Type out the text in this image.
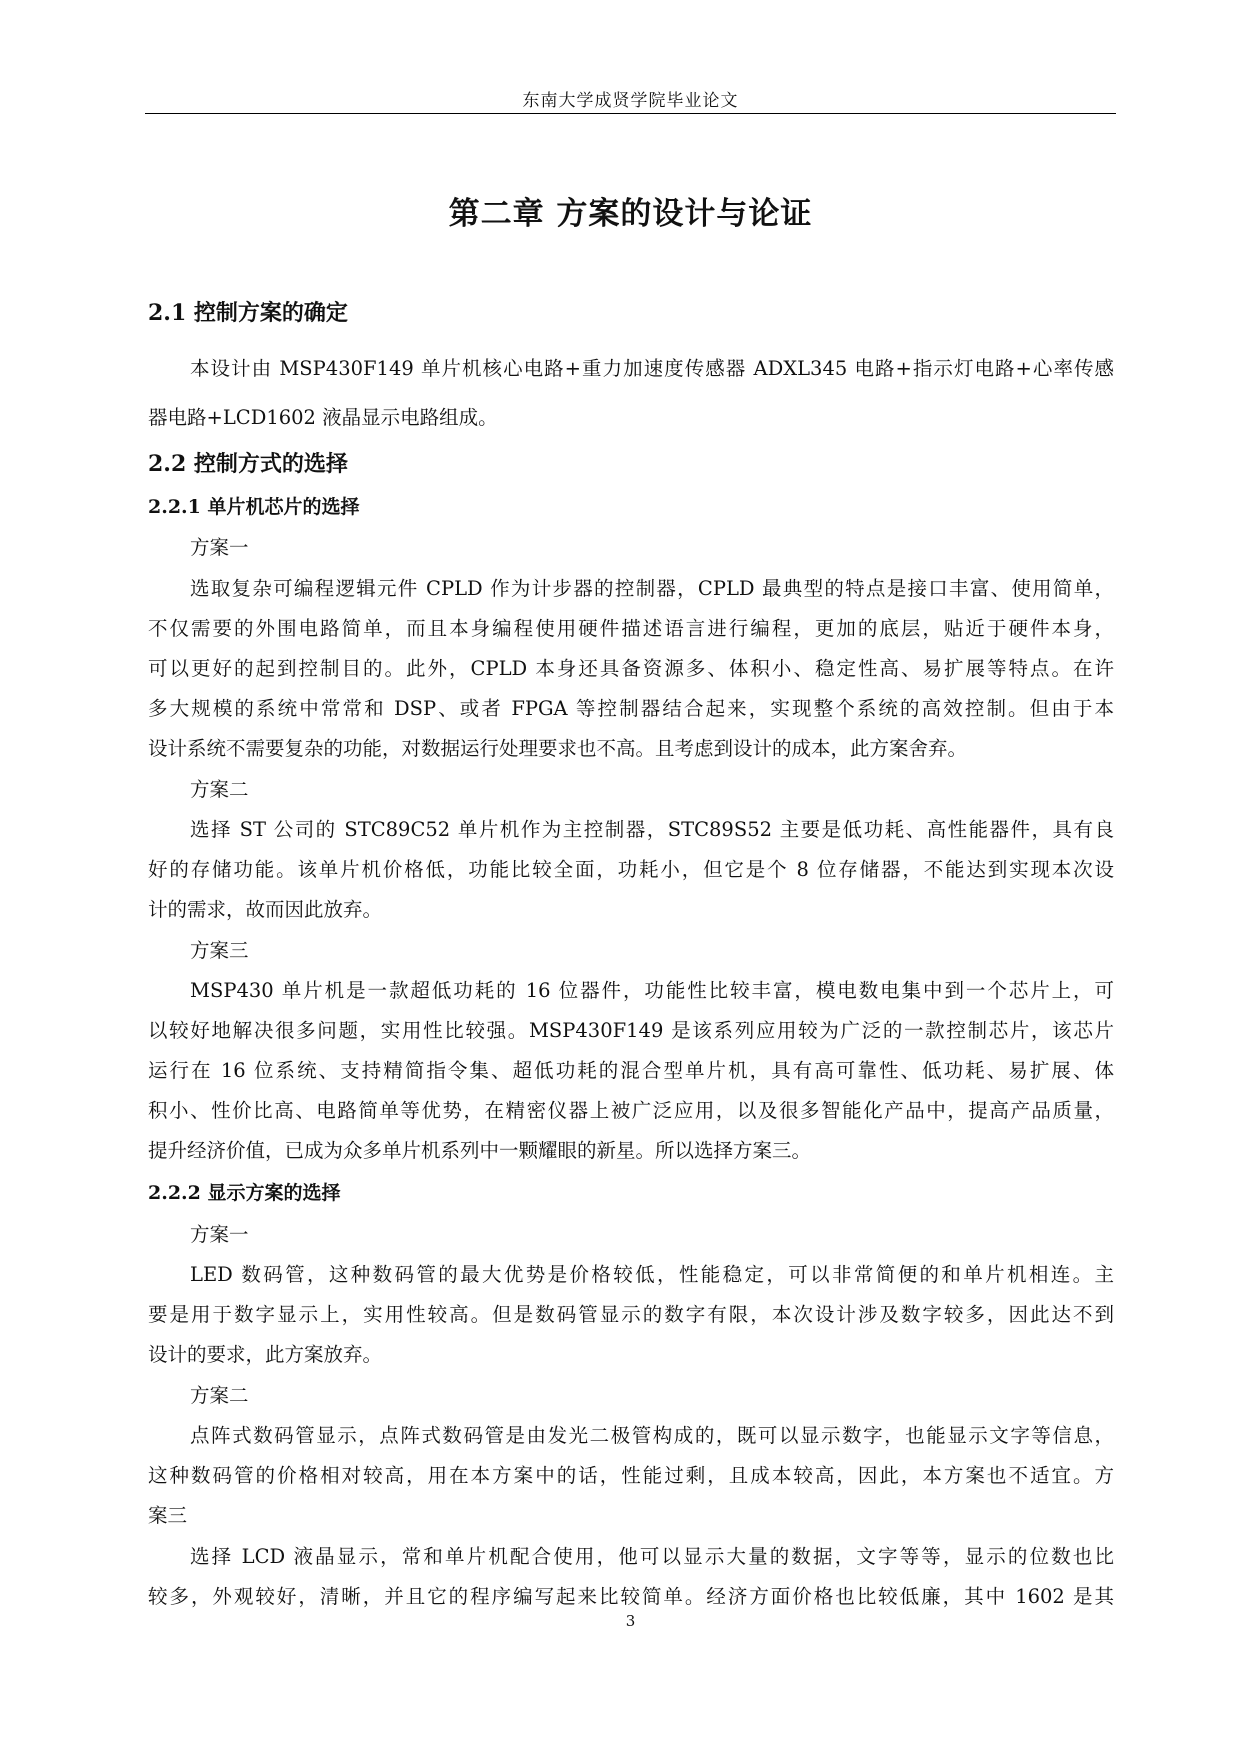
东南大学成贤学院毕业论文
第二章 方案的设计与论证
2.1 控制方案的确定
本设计由 MSP430F149 单片机核心电路+重力加速度传感器 ADXL345 电路+指示灯电路+心率传感
器电路+LCD1602 液晶显示电路组成。
2.2 控制方式的选择
2.2.1 单片机芯片的选择
方案一
选取复杂可编程逻辑元件 CPLD 作为计步器的控制器，CPLD 最典型的特点是接口丰富、使用简单，
不仅需要的外围电路简单，而且本身编程使用硬件描述语言进行编程，更加的底层，贴近于硬件本身，
可以更好的起到控制目的。此外，CPLD 本身还具备资源多、体积小、稳定性高、易扩展等特点。在许
多大规模的系统中常常和 DSP、或者 FPGA 等控制器结合起来，实现整个系统的高效控制。但由于本
设计系统不需要复杂的功能，对数据运行处理要求也不高。且考虑到设计的成本，此方案舍弃。
方案二
选择 ST 公司的 STC89C52 单片机作为主控制器，STC89S52 主要是低功耗、高性能器件，具有良
好的存储功能。该单片机价格低，功能比较全面，功耗小，但它是个 8 位存储器，不能达到实现本次设
计的需求，故而因此放弃。
方案三
MSP430 单片机是一款超低功耗的 16 位器件，功能性比较丰富，模电数电集中到一个芯片上，可
以较好地解决很多问题，实用性比较强。MSP430F149 是该系列应用较为广泛的一款控制芯片，该芯片
运行在 16 位系统、支持精简指令集、超低功耗的混合型单片机，具有高可靠性、低功耗、易扩展、体
积小、性价比高、电路简单等优势，在精密仪器上被广泛应用，以及很多智能化产品中，提高产品质量，
提升经济价值，已成为众多单片机系列中一颗耀眼的新星。所以选择方案三。
2.2.2 显示方案的选择
方案一
LED 数码管，这种数码管的最大优势是价格较低，性能稳定，可以非常简便的和单片机相连。主
要是用于数字显示上，实用性较高。但是数码管显示的数字有限，本次设计涉及数字较多，因此达不到
设计的要求，此方案放弃。
方案二
点阵式数码管显示，点阵式数码管是由发光二极管构成的，既可以显示数字，也能显示文字等信息，
这种数码管的价格相对较高，用在本方案中的话，性能过剩，且成本较高，因此，本方案也不适宜。方
案三
选择 LCD 液晶显示，常和单片机配合使用，他可以显示大量的数据，文字等等，显示的位数也比
较多，外观较好，清晰，并且它的程序编写起来比较简单。经济方面价格也比较低廉，其中 1602 是其
3
